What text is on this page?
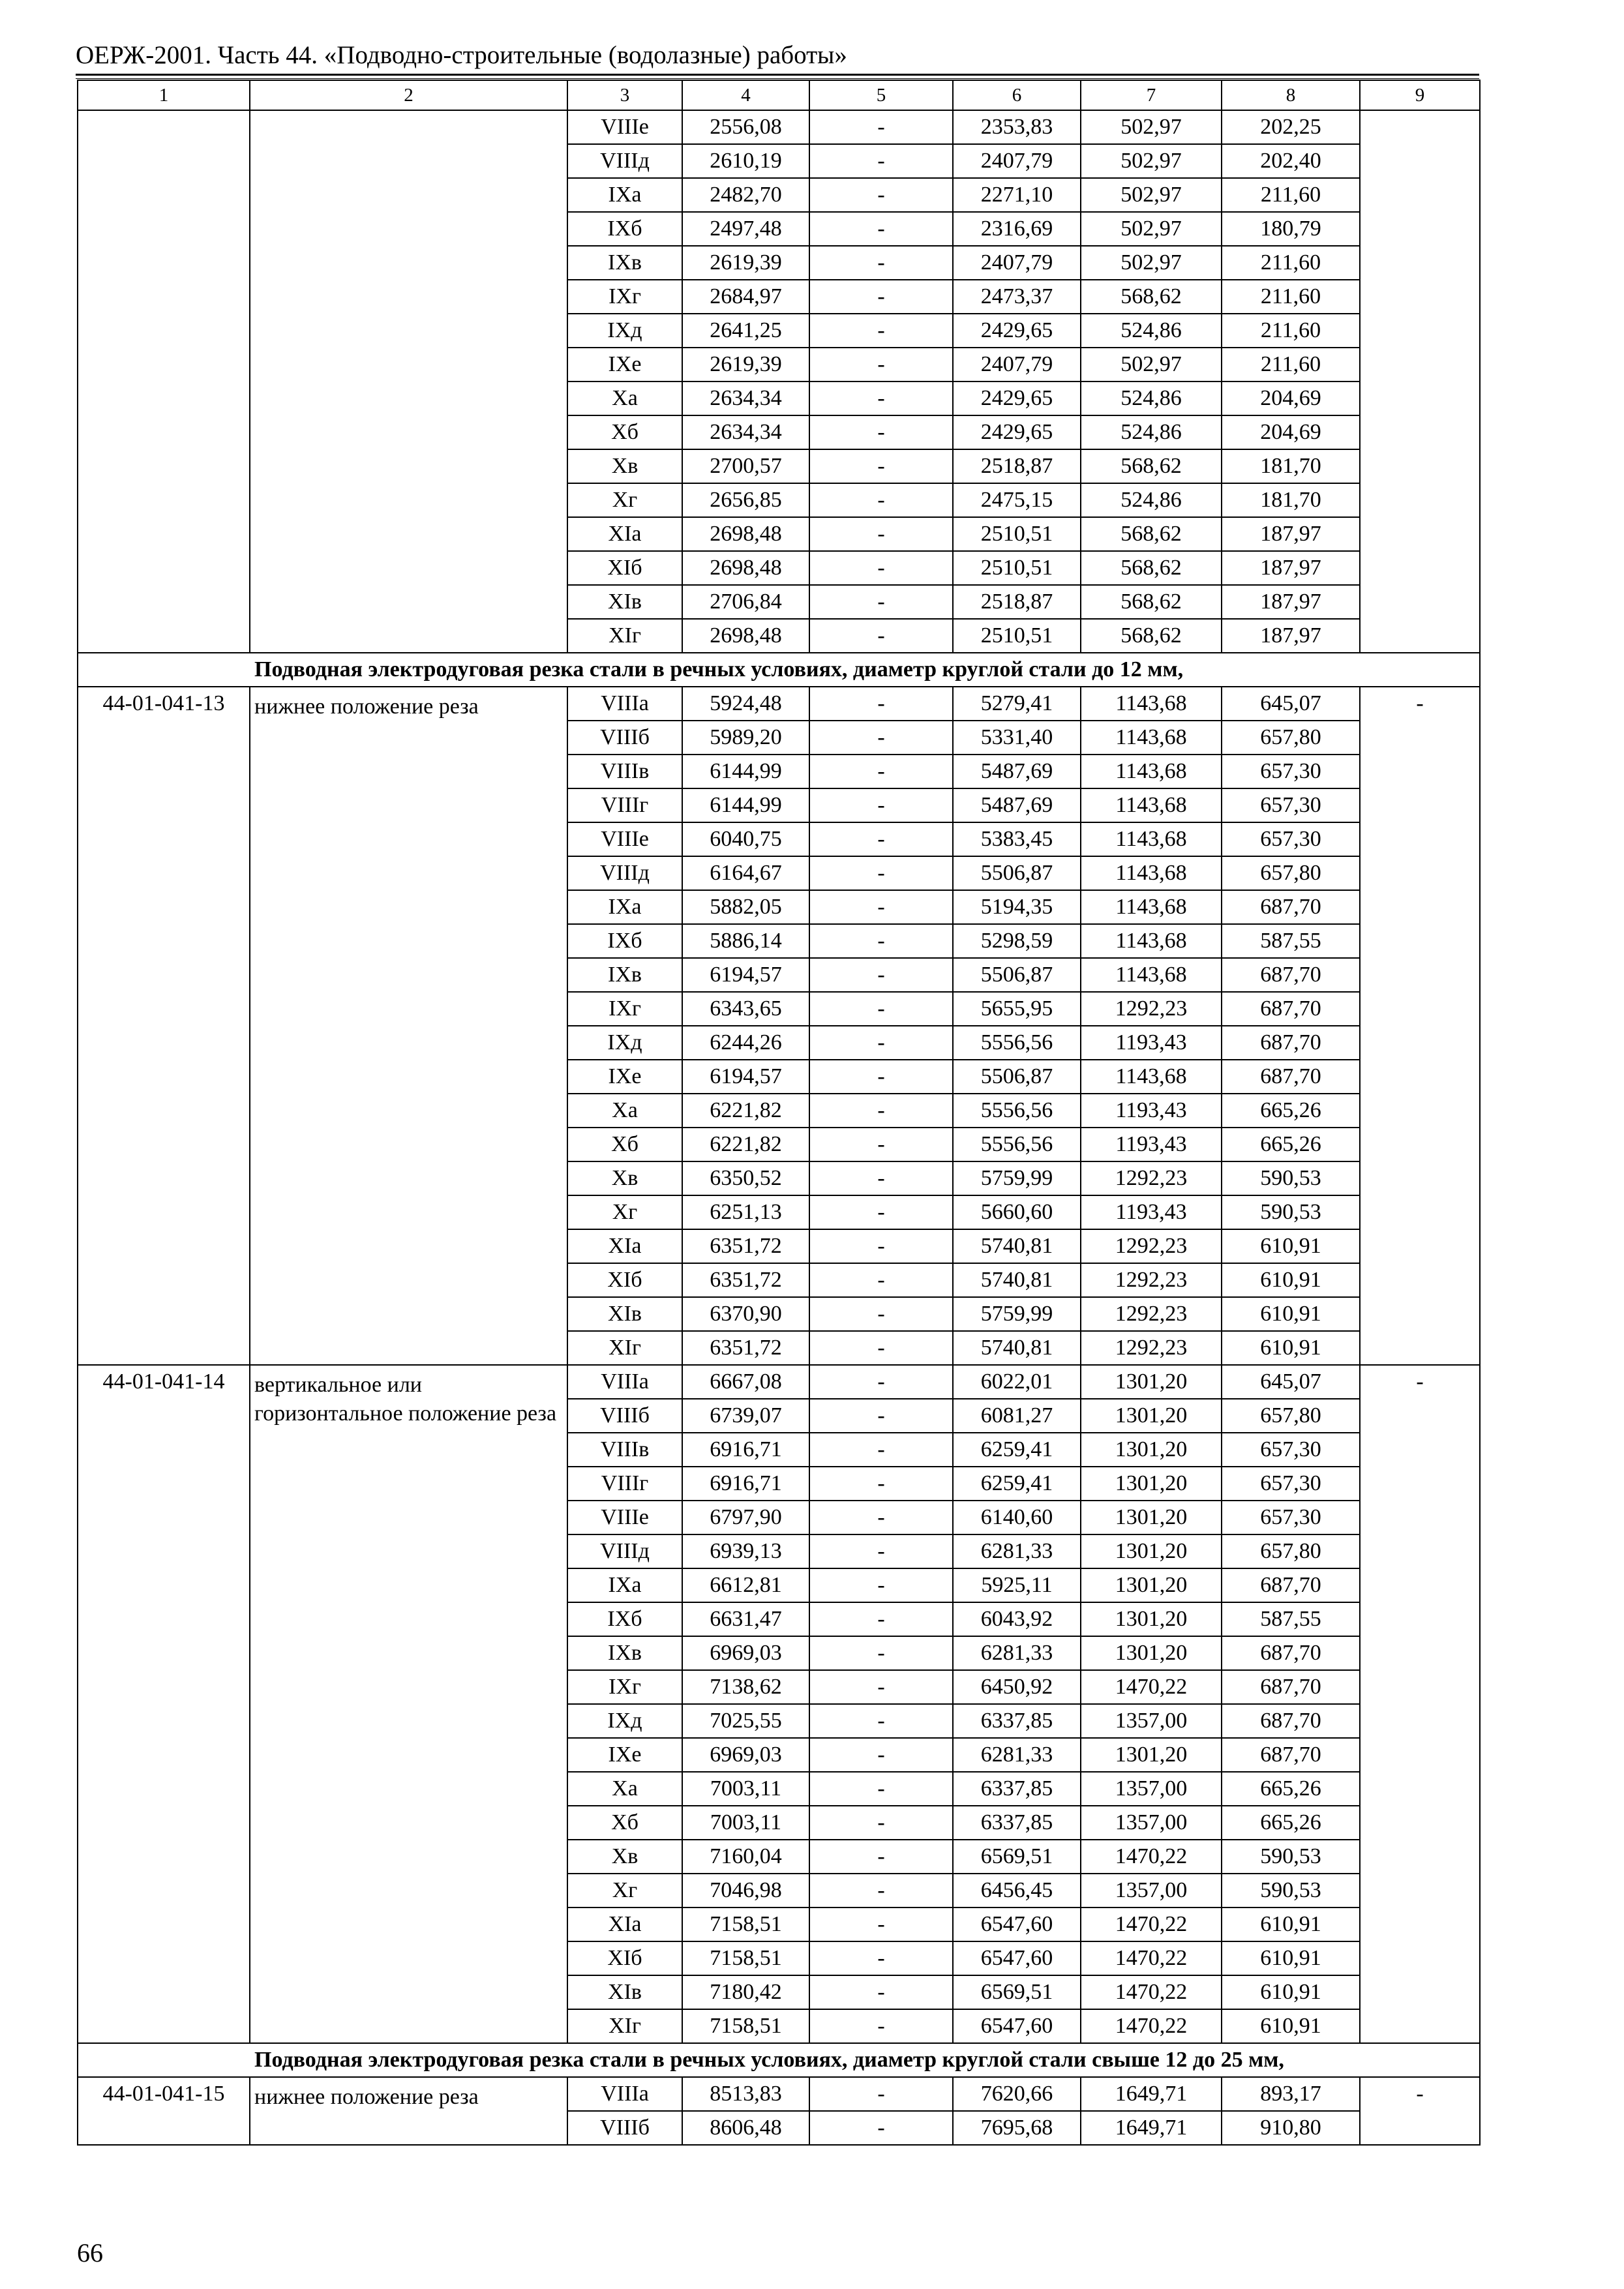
ОЕРЖ-2001. Часть 44. «Подводно-строительные (водолазные) работы»
1	2	3	4	5	6	7	8	9
		VIIIе	2556,08	-	2353,83	502,97	202,25	
		VIIIд	2610,19	-	2407,79	502,97	202,40	
		IXа	2482,70	-	2271,10	502,97	211,60	
		IXб	2497,48	-	2316,69	502,97	180,79	
		IXв	2619,39	-	2407,79	502,97	211,60	
		IXг	2684,97	-	2473,37	568,62	211,60	
		IXд	2641,25	-	2429,65	524,86	211,60	
		IXе	2619,39	-	2407,79	502,97	211,60	
		Xа	2634,34	-	2429,65	524,86	204,69	
		Xб	2634,34	-	2429,65	524,86	204,69	
		Xв	2700,57	-	2518,87	568,62	181,70	
		Xг	2656,85	-	2475,15	524,86	181,70	
		XIа	2698,48	-	2510,51	568,62	187,97	
		XIб	2698,48	-	2510,51	568,62	187,97	
		XIв	2706,84	-	2518,87	568,62	187,97	
		XIг	2698,48	-	2510,51	568,62	187,97	
Подводная электродуговая резка стали в речных условиях, диаметр круглой стали до 12 мм,								
44-01-041-13	нижнее положение реза	VIIIа	5924,48	-	5279,41	1143,68	645,07	-
		VIIIб	5989,20	-	5331,40	1143,68	657,80	
		VIIIв	6144,99	-	5487,69	1143,68	657,30	
		VIIIг	6144,99	-	5487,69	1143,68	657,30	
		VIIIе	6040,75	-	5383,45	1143,68	657,30	
		VIIIд	6164,67	-	5506,87	1143,68	657,80	
		IXа	5882,05	-	5194,35	1143,68	687,70	
		IXб	5886,14	-	5298,59	1143,68	587,55	
		IXв	6194,57	-	5506,87	1143,68	687,70	
		IXг	6343,65	-	5655,95	1292,23	687,70	
		IXд	6244,26	-	5556,56	1193,43	687,70	
		IXе	6194,57	-	5506,87	1143,68	687,70	
		Xа	6221,82	-	5556,56	1193,43	665,26	
		Xб	6221,82	-	5556,56	1193,43	665,26	
		Xв	6350,52	-	5759,99	1292,23	590,53	
		Xг	6251,13	-	5660,60	1193,43	590,53	
		XIа	6351,72	-	5740,81	1292,23	610,91	
		XIб	6351,72	-	5740,81	1292,23	610,91	
		XIв	6370,90	-	5759,99	1292,23	610,91	
		XIг	6351,72	-	5740,81	1292,23	610,91	
44-01-041-14	вертикальное или горизонтальное положение реза	VIIIа	6667,08	-	6022,01	1301,20	645,07	-
		VIIIб	6739,07	-	6081,27	1301,20	657,80	
		VIIIв	6916,71	-	6259,41	1301,20	657,30	
		VIIIг	6916,71	-	6259,41	1301,20	657,30	
		VIIIе	6797,90	-	6140,60	1301,20	657,30	
		VIIIд	6939,13	-	6281,33	1301,20	657,80	
		IXа	6612,81	-	5925,11	1301,20	687,70	
		IXб	6631,47	-	6043,92	1301,20	587,55	
		IXв	6969,03	-	6281,33	1301,20	687,70	
		IXг	7138,62	-	6450,92	1470,22	687,70	
		IXд	7025,55	-	6337,85	1357,00	687,70	
		IXе	6969,03	-	6281,33	1301,20	687,70	
		Xа	7003,11	-	6337,85	1357,00	665,26	
		Xб	7003,11	-	6337,85	1357,00	665,26	
		Xв	7160,04	-	6569,51	1470,22	590,53	
		Xг	7046,98	-	6456,45	1357,00	590,53	
		XIа	7158,51	-	6547,60	1470,22	610,91	
		XIб	7158,51	-	6547,60	1470,22	610,91	
		XIв	7180,42	-	6569,51	1470,22	610,91	
		XIг	7158,51	-	6547,60	1470,22	610,91	
Подводная электродуговая резка стали в речных условиях, диаметр круглой стали свыше 12 до 25 мм,								
44-01-041-15	нижнее положение реза	VIIIа	8513,83	-	7620,66	1649,71	893,17	-
		VIIIб	8606,48	-	7695,68	1649,71	910,80	
66
